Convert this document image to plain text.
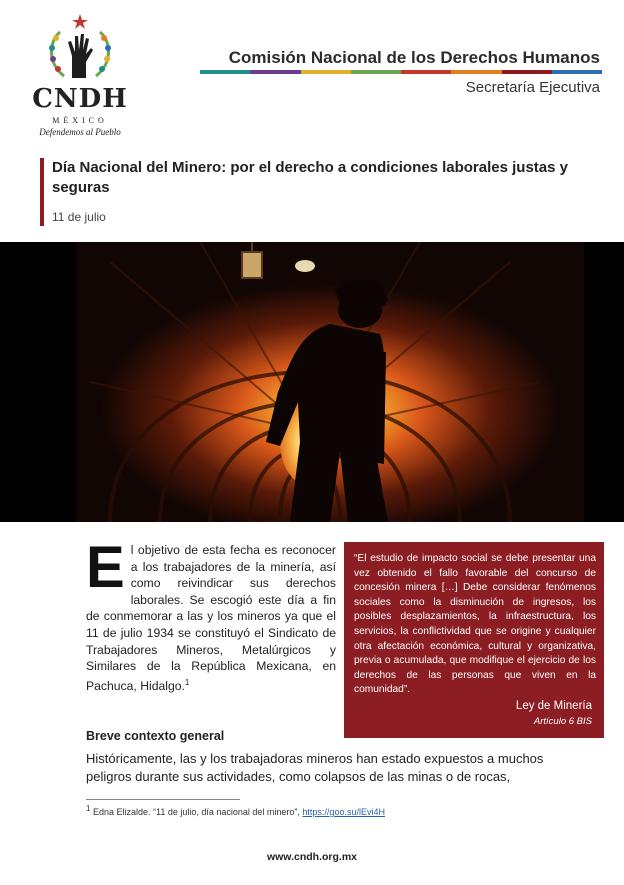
CNDH
MÉXICO
Defendemos al Pueblo
Comisión Nacional de los Derechos Humanos
Secretaría Ejecutiva
Día Nacional del Minero: por el derecho a condiciones laborales justas y seguras
11 de julio
El objetivo de esta fecha es reconocer a los trabajadores de la minería, así como reivindicar sus derechos laborales. Se escogió este día a fin de conmemorar a las y los mineros ya que el 11 de julio 1934 se constituyó el Sindicato de Trabajadores Mineros, Metalúrgicos y Similares de la República Mexicana, en Pachuca, Hidalgo.$^1$
“El estudio de impacto social se debe presentar una vez obtenido el fallo favorable del concurso de concesión minera […] Debe considerar fenómenos sociales como la disminución de ingresos, los posibles desplazamientos, la infraestructura, los servicios, la conflictividad que se origine y cualquier otra afectación económica, cultural y organizativa, previa o acumulada, que modifique el ejercicio de los derechos de las personas que viven en la comunidad”.
Ley de Minería
Artículo 6 BIS
Breve contexto general
Históricamente, las y los trabajadoras mineros han estado expuestos a muchos peligros durante sus actividades, como colapsos de las minas o de rocas,
$^1$ Edna Elizalde. “11 de julio, día nacional del minero”, https://goo.su/lEvi4H
www.cndh.org.mx
